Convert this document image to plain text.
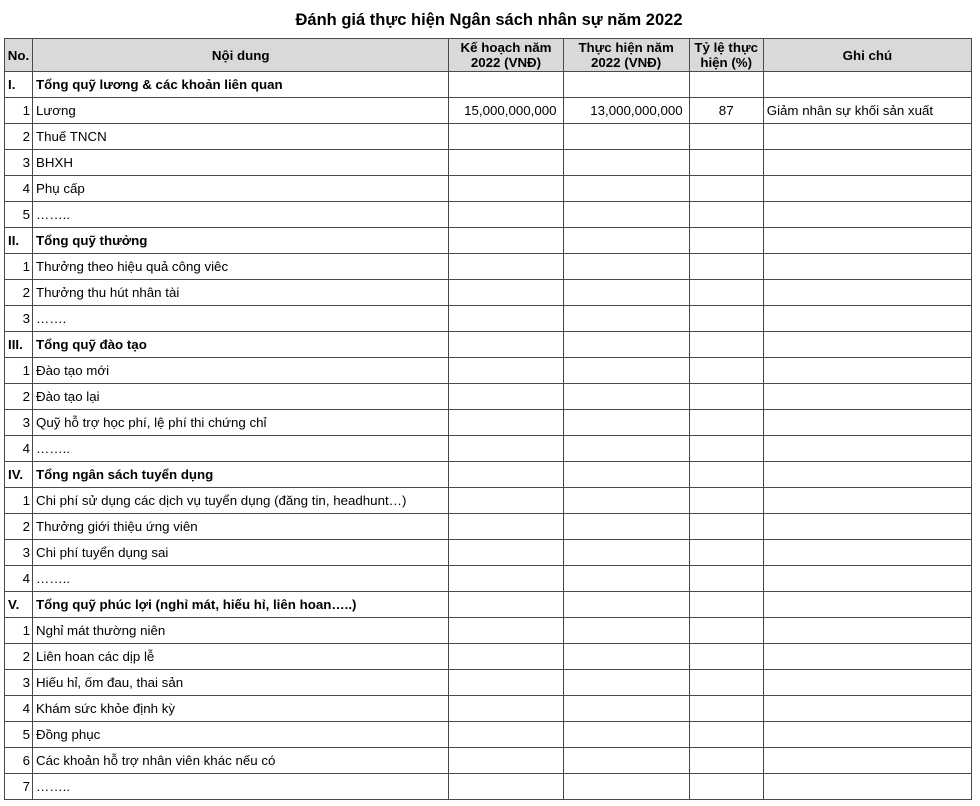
Đánh giá thực hiện Ngân sách nhân sự năm 2022
No.	Nội dung	Kế hoạch năm 2022 (VNĐ)	Thực hiện năm 2022 (VNĐ)	Tỷ lệ thực hiện (%)	Ghi chú
I.	Tổng quỹ lương & các khoản liên quan				
1	Lương	15,000,000,000	13,000,000,000	87	Giảm nhân sự khối sản xuất
2	Thuế TNCN				
3	BHXH				
4	Phụ cấp				
5	……..				
II.	Tổng quỹ thưởng				
1	Thưởng theo hiệu quả công viêc				
2	Thưởng thu hút nhân tài				
3	…….				
III.	Tổng quỹ đào tạo				
1	Đào tạo mới				
2	Đào tạo lại				
3	Quỹ hỗ trợ học phí, lệ phí thi chứng chỉ				
4	……..				
IV.	Tổng ngân sách tuyển dụng				
1	Chi phí sử dụng các dịch vụ tuyển dụng (đăng tin, headhunt…)				
2	Thưởng giới thiệu ứng viên				
3	Chi phí tuyển dụng sai				
4	……..				
V.	Tổng quỹ phúc lợi (nghỉ mát, hiếu hỉ, liên hoan…..)				
1	Nghỉ mát thường niên				
2	Liên hoan các dịp lễ				
3	Hiếu hỉ, ốm đau, thai sản				
4	Khám sức khỏe định kỳ				
5	Đồng phục				
6	Các khoản hỗ trợ nhân viên khác nếu có				
7	……..				
